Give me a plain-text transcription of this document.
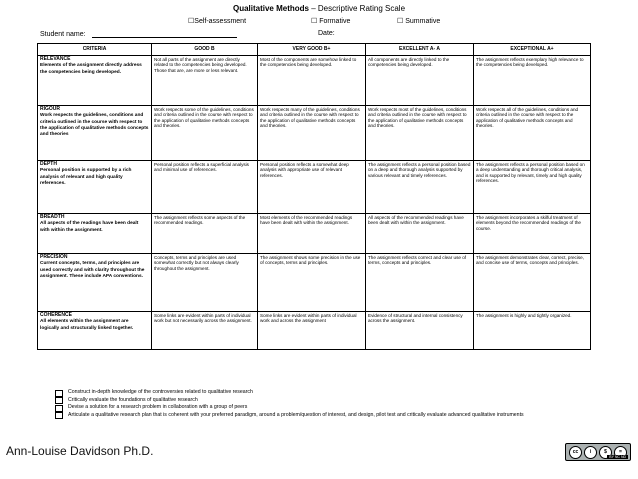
Qualitative Methods – Descriptive Rating Scale
☐Self-assessment	☐ Formative	☐ Summative
Student name:	Date:
CRITERIA	GOOD B	VERY GOOD B+	EXCELLENT A- A	EXCEPTIONAL A+

RELEVANCE
Elements of the assignment directly address the competencies being developed.	Not all parts of the assignment are directly related to the competencies being developed. Those that are, are more or less relevant.	Most of the components are somehow linked to the competencies being developed.	All components are directly linked to the competencies being developed.	The assignment reflects exemplary high relevance to the competencies being developed.

RIGOUR
Work respects the guidelines, conditions and criteria outlined in the course with respect to the application of qualitative methods concepts and theories	Work respects some of the guidelines, conditions and criteria outlined in the course with respect to the application of qualitative methods concepts and theories.	Work respects many of the guidelines, conditions and criteria outlined in the course with respect to the application of qualitative methods concepts and theories.	Work respects most of the guidelines, conditions and criteria outlined in the course with respect to the application of qualitative methods concepts and theories.	Work respects all of the guidelines, conditions and criteria outlined in the course with respect to the application of qualitative methods concepts and theories.

DEPTH
Personal position is supported by a rich analysis of relevant and high quality references.	Personal position reflects a superficial analysis and minimal use of references.	Personal position reflects a somewhat deep analysis with appropriate use of relevant references.	The assignment reflects a personal position based on a deep and thorough analysis supported by various relevant and timely references.	The assignment reflects a personal position based on a deep understanding and thorough critical analysis, and is supported by relevant, timely and high quality references.

BREADTH
All aspects of the readings have been dealt with within the assignment.	The assignment reflects some aspects of the recommended readings.	Most elements of the recommended readings have been dealt with within the assignment.	All aspects of the recommended readings have been dealt with within the assignment.	The assignment incorporates a skilful treatment of elements beyond the recommended readings of the course.

PRECISION
Current concepts, terms, and principles are used correctly and with clarity throughout the assignment. These include APA conventions.	Concepts, terms and principles are used somewhat correctly but not always clearly throughout the assignment.	The assignment shows some precision in the use of concepts, terms and principles.	The assignment reflects correct and clear use of terms, concepts and principles.	The assignment demonstrates clear, correct, precise, and concise use of terms, concepts and principles.

COHERENCE
All elements within the assignment are logically and structurally linked together.	Some links are evident within parts of individual work but not necessarily across the assignment.	Some links are evident within parts of individual work and across the assignment	Evidence of structural and internal consistency across the assignment.	The assignment is highly and tightly organized.
Construct in-depth knowledge of the controversies related to qualitative research
Critically evaluate the foundations of qualitative research
Devise a solution for a research problem in collaboration with a group of peers
Articulate a qualitative research plan that is coherent with your preferred paradigm, around a problem/question of interest, and design, pilot test and critically evaluate advanced qualitative instruments
Ann-Louise Davidson Ph.D.	cc	i	$	=
BY NC ND
